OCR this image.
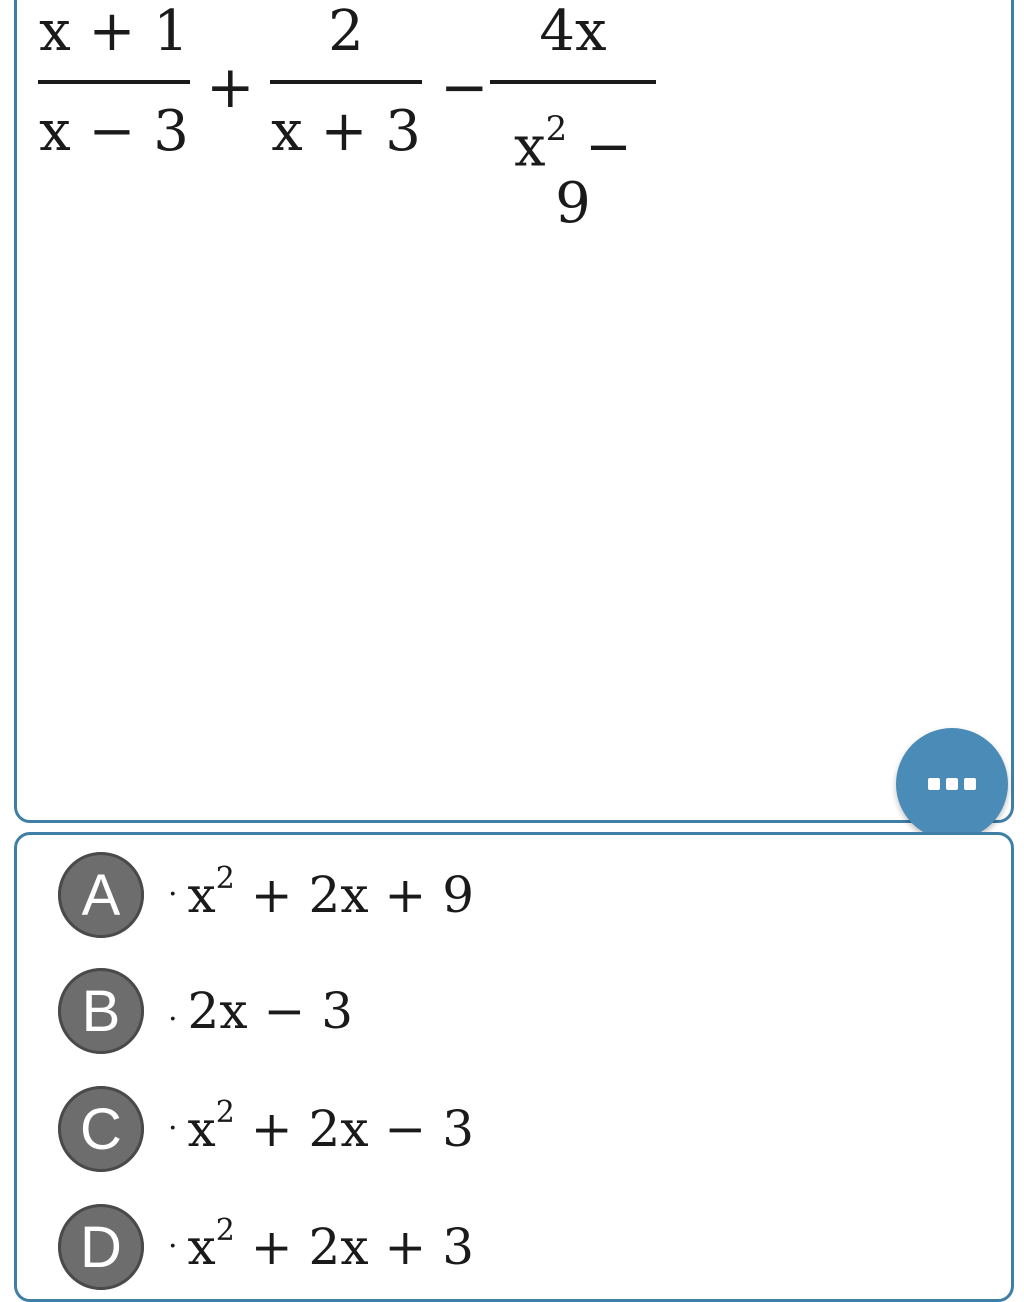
x + 1
x − 3
+
2
x + 3
−
4x
$x^2 - 9$
A	· $x^2 + 2x + 9$
B	. 2x − 3
C	· $x^2 + 2x - 3$
D	· $x^2 + 2x + 3$
